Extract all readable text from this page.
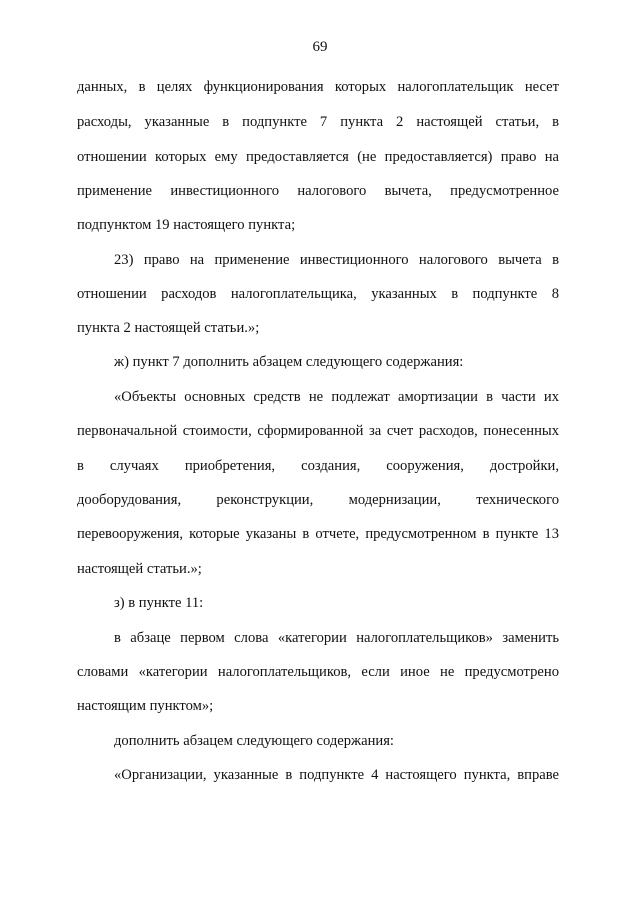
69
данных, в целях функционирования которых налогоплательщик несет
расходы, указанные в подпункте 7 пункта 2 настоящей статьи, в
отношении которых ему предоставляется (не предоставляется) право на
применение инвестиционного налогового вычета, предусмотренное
подпунктом 19 настоящего пункта;
23) право на применение инвестиционного налогового вычета в
отношении расходов налогоплательщика, указанных в подпункте 8
пункта 2 настоящей статьи.»;
ж) пункт 7 дополнить абзацем следующего содержания:
«Объекты основных средств не подлежат амортизации в части их
первоначальной стоимости, сформированной за счет расходов, понесенных
в случаях приобретения, создания, сооружения, достройки,
дооборудования, реконструкции, модернизации, технического
перевооружения, которые указаны в отчете, предусмотренном в пункте 13
настоящей статьи.»;
з) в пункте 11:
в абзаце первом слова «категории налогоплательщиков» заменить
словами «категории налогоплательщиков, если иное не предусмотрено
настоящим пунктом»;
дополнить абзацем следующего содержания:
«Организации, указанные в подпункте 4 настоящего пункта, вправе
